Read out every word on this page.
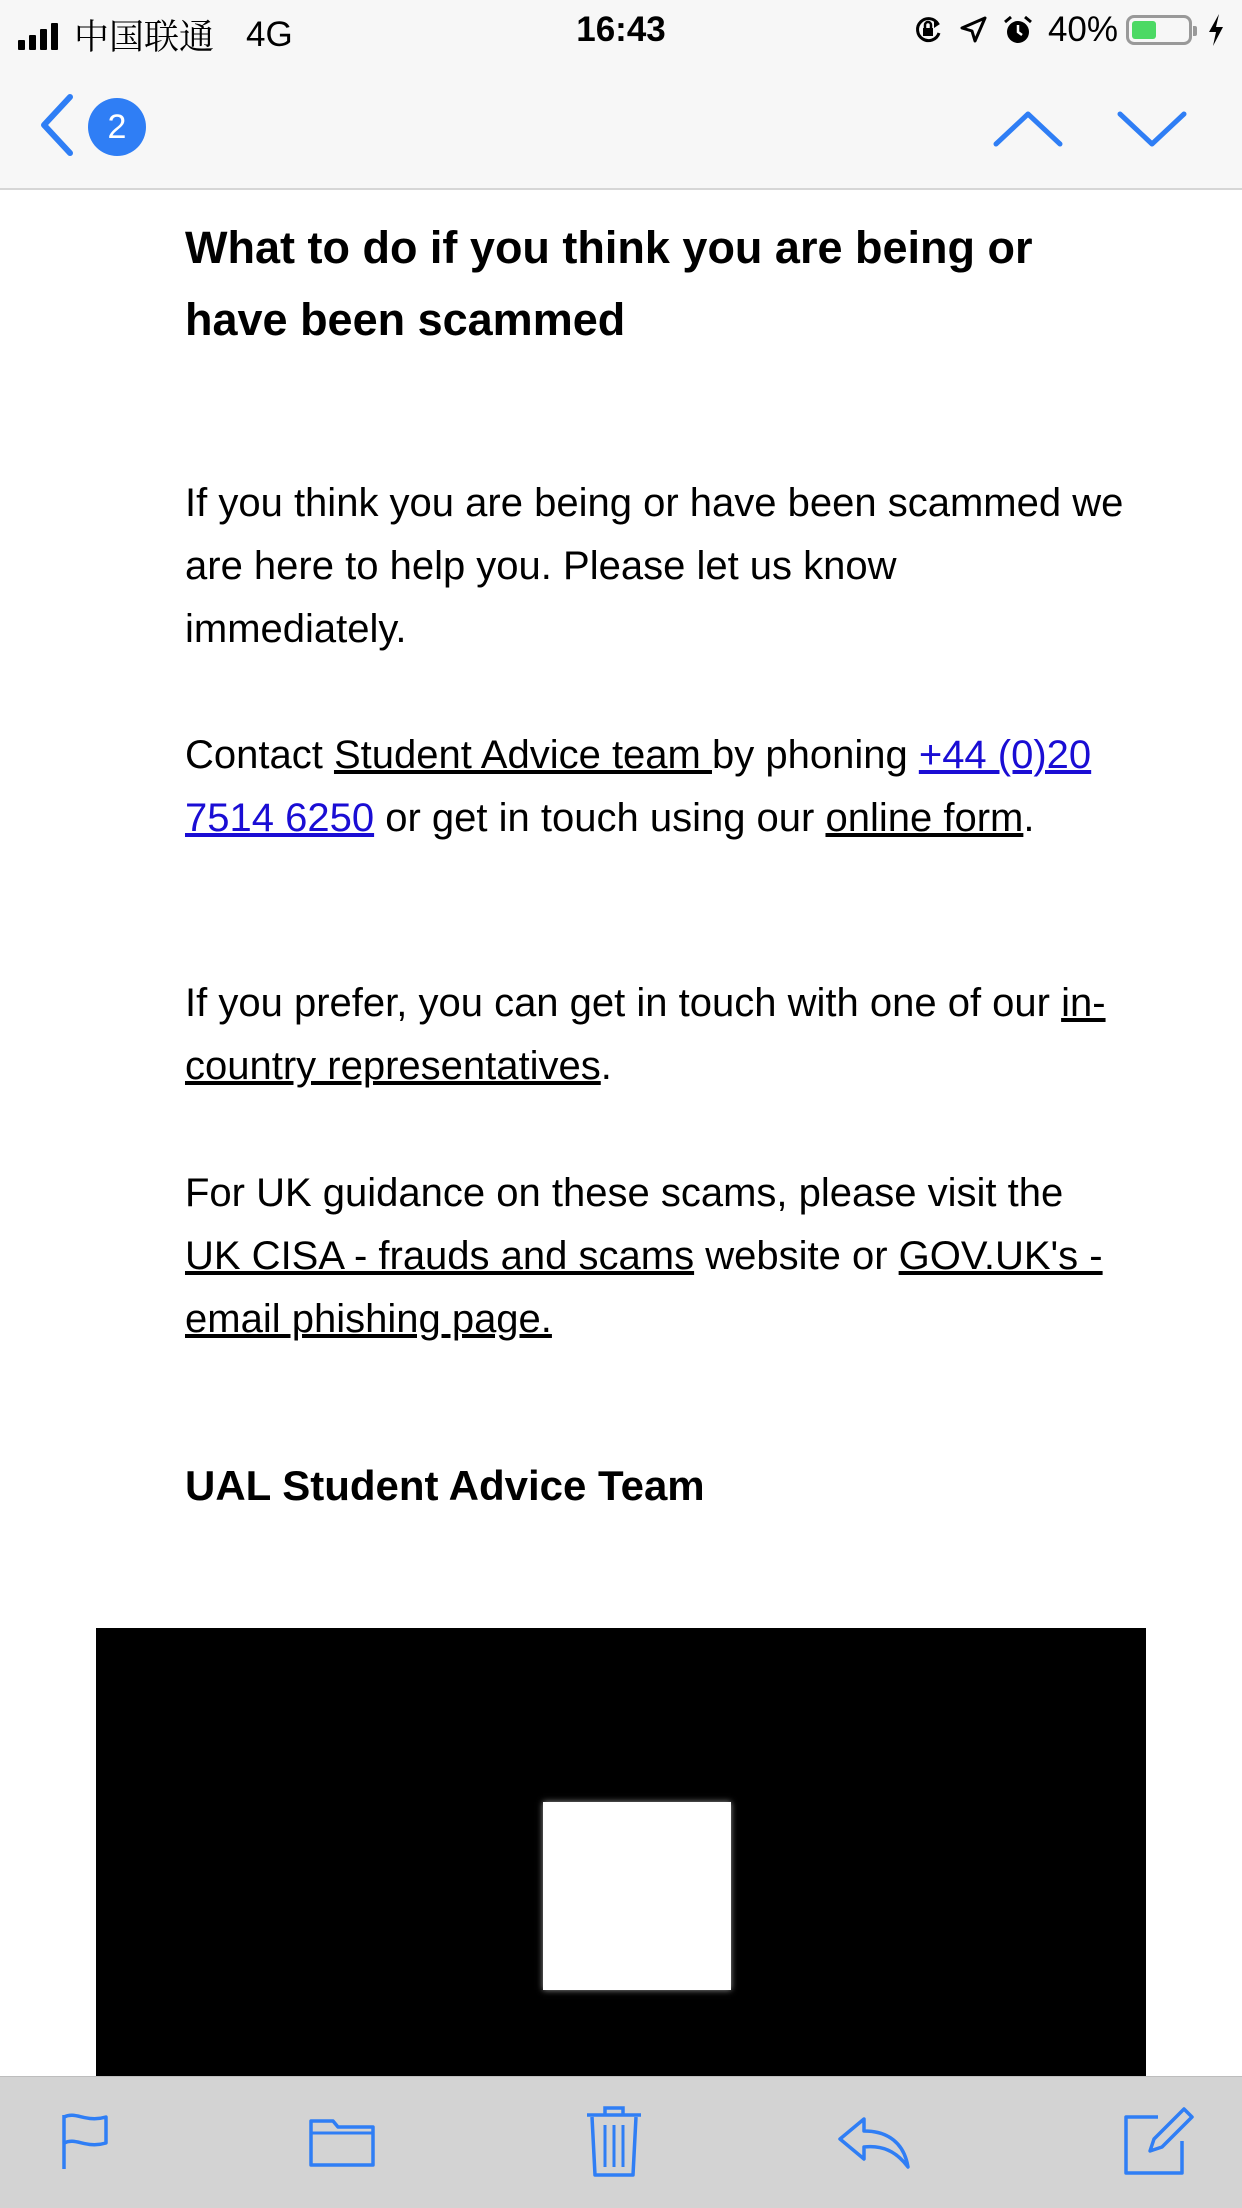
中国联通 4G	16:43	40%
2
What to do if you think you are being or have been scammed

If you think you are being or have been scammed we are here to help you. Please let us know immediately.

Contact Student Advice team by phoning +44 (0)20 7514 6250 or get in touch using our online form.

If you prefer, you can get in touch with one of our in-country representatives.

For UK guidance on these scams, please visit the UK CISA - frauds and scams website or GOV.UK's - email phishing page.

UAL Student Advice Team
